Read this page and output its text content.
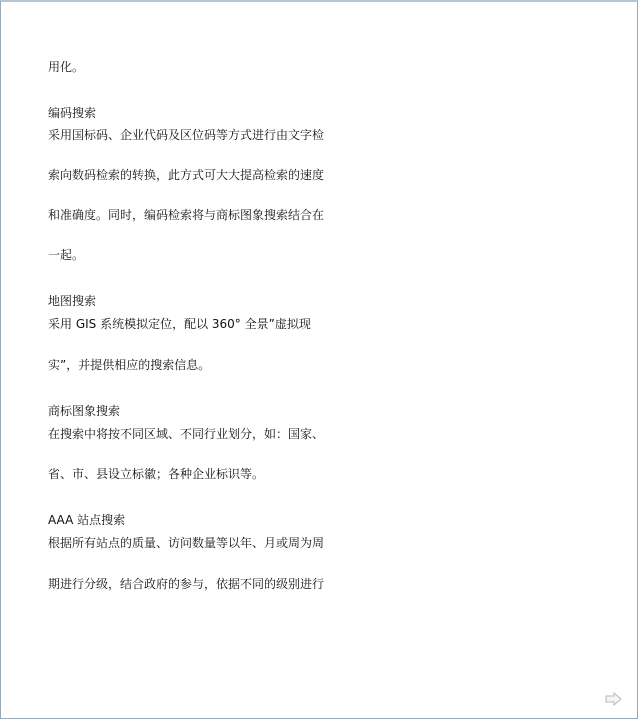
用化。
编码搜索
采用国标码、企业代码及区位码等方式进行由文字检
索向数码检索的转换，此方式可大大提高检索的速度
和准确度。同时，编码检索将与商标图象搜索结合在
一起。
地图搜索
采用 GIS 系统模拟定位，配以 360° 全景”虚拟现
实”，并提供相应的搜索信息。
商标图象搜索
在搜索中将按不同区域、不同行业划分，如：国家、
省、市、县设立标徽；各种企业标识等。
AAA 站点搜索
根据所有站点的质量、访问数量等以年、月或周为周
期进行分级，结合政府的参与，依据不同的级别进行
